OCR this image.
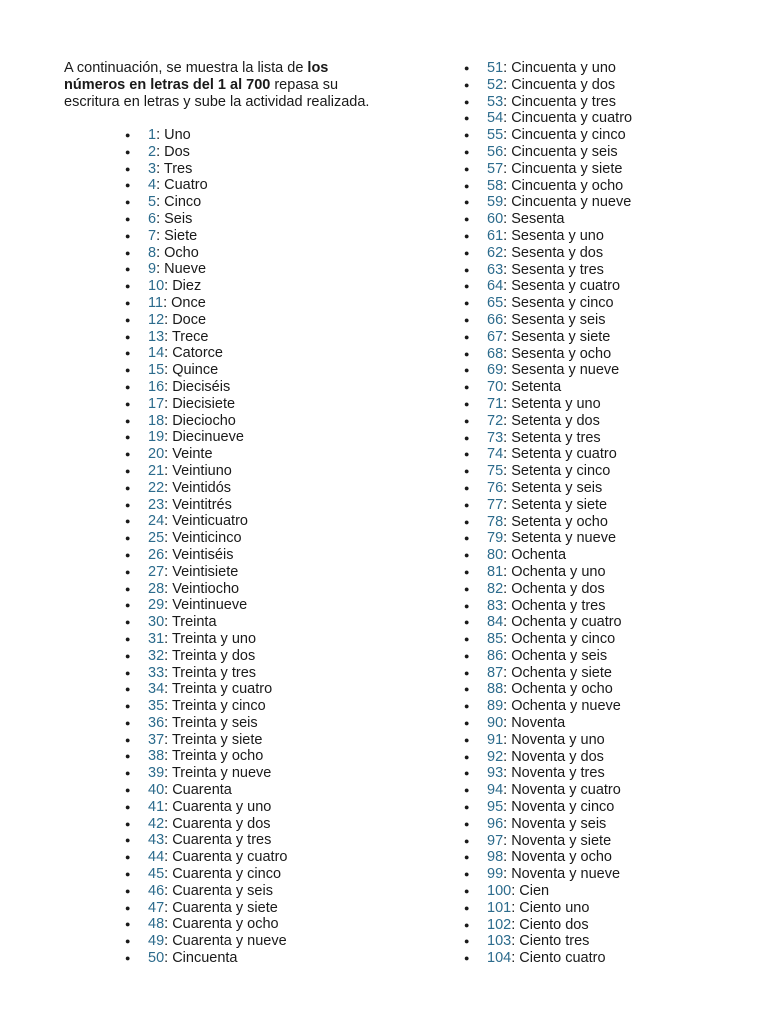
A continuación, se muestra la lista de los números en letras del 1 al 700 repasa su escritura en letras y sube la actividad realizada.

● 1: Uno
● 2: Dos
● 3: Tres
● 4: Cuatro
● 5: Cinco
● 6: Seis
● 7: Siete
● 8: Ocho
● 9: Nueve
● 10: Diez
● 11: Once
● 12: Doce
● 13: Trece
● 14: Catorce
● 15: Quince
● 16: Dieciséis
● 17: Diecisiete
● 18: Dieciocho
● 19: Diecinueve
● 20: Veinte
● 21: Veintiuno
● 22: Veintidós
● 23: Veintitrés
● 24: Veinticuatro
● 25: Veinticinco
● 26: Veintiséis
● 27: Veintisiete
● 28: Veintiocho
● 29: Veintinueve
● 30: Treinta
● 31: Treinta y uno
● 32: Treinta y dos
● 33: Treinta y tres
● 34: Treinta y cuatro
● 35: Treinta y cinco
● 36: Treinta y seis
● 37: Treinta y siete
● 38: Treinta y ocho
● 39: Treinta y nueve
● 40: Cuarenta
● 41: Cuarenta y uno
● 42: Cuarenta y dos
● 43: Cuarenta y tres
● 44: Cuarenta y cuatro
● 45: Cuarenta y cinco
● 46: Cuarenta y seis
● 47: Cuarenta y siete
● 48: Cuarenta y ocho
● 49: Cuarenta y nueve
● 50: Cincuenta
● 51: Cincuenta y uno
● 52: Cincuenta y dos
● 53: Cincuenta y tres
● 54: Cincuenta y cuatro
● 55: Cincuenta y cinco
● 56: Cincuenta y seis
● 57: Cincuenta y siete
● 58: Cincuenta y ocho
● 59: Cincuenta y nueve
● 60: Sesenta
● 61: Sesenta y uno
● 62: Sesenta y dos
● 63: Sesenta y tres
● 64: Sesenta y cuatro
● 65: Sesenta y cinco
● 66: Sesenta y seis
● 67: Sesenta y siete
● 68: Sesenta y ocho
● 69: Sesenta y nueve
● 70: Setenta
● 71: Setenta y uno
● 72: Setenta y dos
● 73: Setenta y tres
● 74: Setenta y cuatro
● 75: Setenta y cinco
● 76: Setenta y seis
● 77: Setenta y siete
● 78: Setenta y ocho
● 79: Setenta y nueve
● 80: Ochenta
● 81: Ochenta y uno
● 82: Ochenta y dos
● 83: Ochenta y tres
● 84: Ochenta y cuatro
● 85: Ochenta y cinco
● 86: Ochenta y seis
● 87: Ochenta y siete
● 88: Ochenta y ocho
● 89: Ochenta y nueve
● 90: Noventa
● 91: Noventa y uno
● 92: Noventa y dos
● 93: Noventa y tres
● 94: Noventa y cuatro
● 95: Noventa y cinco
● 96: Noventa y seis
● 97: Noventa y siete
● 98: Noventa y ocho
● 99: Noventa y nueve
● 100: Cien
● 101: Ciento uno
● 102: Ciento dos
● 103: Ciento tres
● 104: Ciento cuatro
